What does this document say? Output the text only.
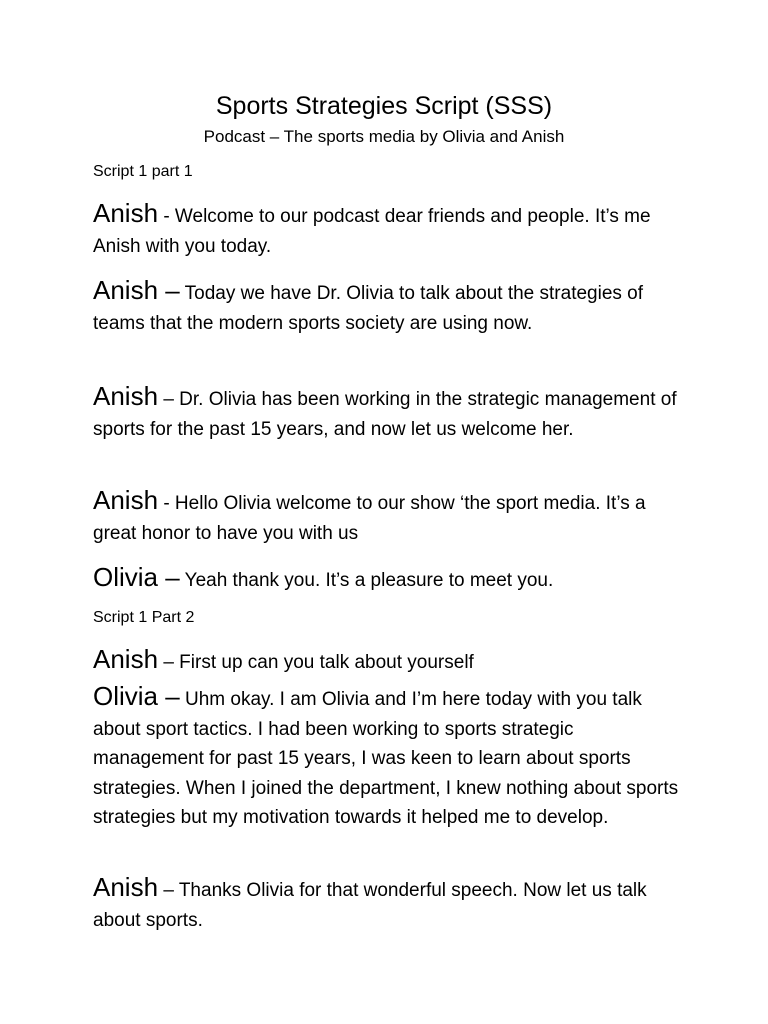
Sports Strategies Script (SSS)

Podcast – The sports media by Olivia and Anish

Script 1 part 1

Anish - Welcome to our podcast dear friends and people. It’s me Anish with you today.

Anish – Today we have Dr. Olivia to talk about the strategies of teams that the modern sports society are using now.

Anish – Dr. Olivia has been working in the strategic management of sports for the past 15 years, and now let us welcome her.

Anish - Hello Olivia welcome to our show ‘the sport media. It’s a great honor to have you with us

Olivia – Yeah thank you. It’s a pleasure to meet you.

Script 1 Part 2

Anish – First up can you talk about yourself

Olivia – Uhm okay. I am Olivia and I’m here today with you talk about sport tactics. I had been working to sports strategic management for past 15 years, I was keen to learn about sports strategies. When I joined the department, I knew nothing about sports strategies but my motivation towards it helped me to develop.

Anish – Thanks Olivia for that wonderful speech. Now let us talk about sports.
